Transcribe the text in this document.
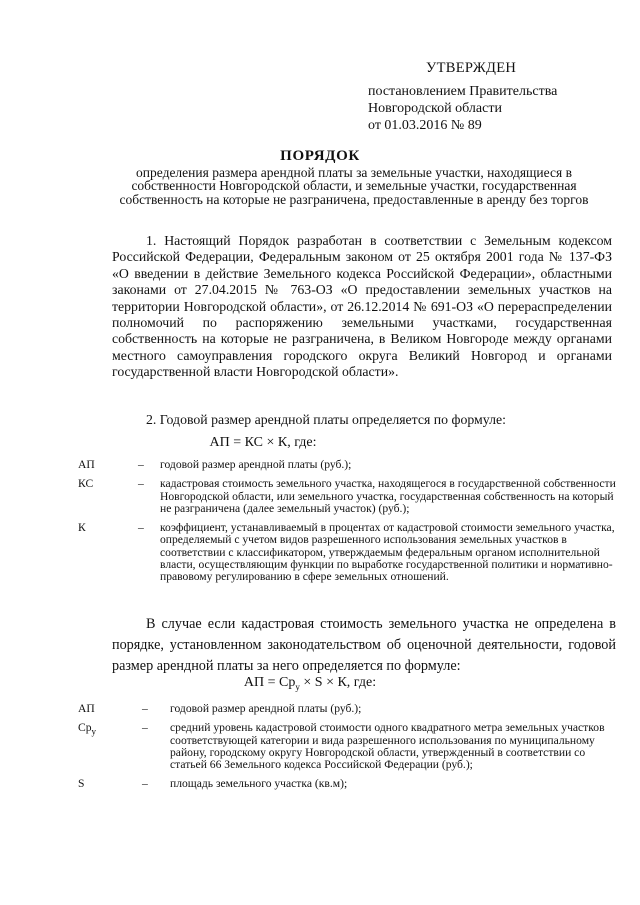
УТВЕРЖДЕН
постановлением Правительства
Новгородской области
от 01.03.2016 № 89
ПОРЯДОК
определения размера арендной платы за земельные участки, находящиеся в собственности Новгородской области, и земельные участки, государственная собственность на которые не разграничена, предоставленные в аренду без торгов
1. Настоящий Порядок разработан в соответствии с Земельным кодексом Российской Федерации, Федеральным законом от 25 октября 2001 года № 137-ФЗ «О введении в действие Земельного кодекса Российской Федерации», областными законами от 27.04.2015 № 763-ОЗ «О предоставлении земельных участков на территории Новгородской области», от 26.12.2014 № 691-ОЗ «О перераспределении полномочий по распоряжению земельными участками, государственная собственность на которые не разграничена, в Великом Новгороде между органами местного самоуправления городского округа Великий Новгород и органами государственной власти Новгородской области».
2. Годовой размер арендной платы определяется по формуле:
АП = КС × К, где:
АП	–	годовой размер арендной платы (руб.);
КС	–	кадастровая стоимость земельного участка, находящегося в государственной собственности Новгородской области, или земельного участка, государственная собственность на который не разграничена (далее земельный участок) (руб.);
К	–	коэффициент, устанавливаемый в процентах от кадастровой стоимости земельного участка, определяемый с учетом видов разрешенного использования земельных участков в соответствии с классификатором, утверждаемым федеральным органом исполнительной власти, осуществляющим функции по выработке государственной политики и нормативно-правовому регулированию в сфере земельных отношений.
В случае если кадастровая стоимость земельного участка не определена в порядке, установленном законодательством об оценочной деятельности, годовой размер арендной платы за него определяется по формуле:
АП = $Ср_у \times S \times К$, где:
АП	–	годовой размер арендной платы (руб.);
$Ср_у$	–	средний уровень кадастровой стоимости одного квадратного метра земельных участков соответствующей категории и вида разрешенного использования по муниципальному району, городскому округу Новгородской области, утвержденный в соответствии со статьей 66 Земельного кодекса Российской Федерации (руб.);
S	–	площадь земельного участка (кв.м);
